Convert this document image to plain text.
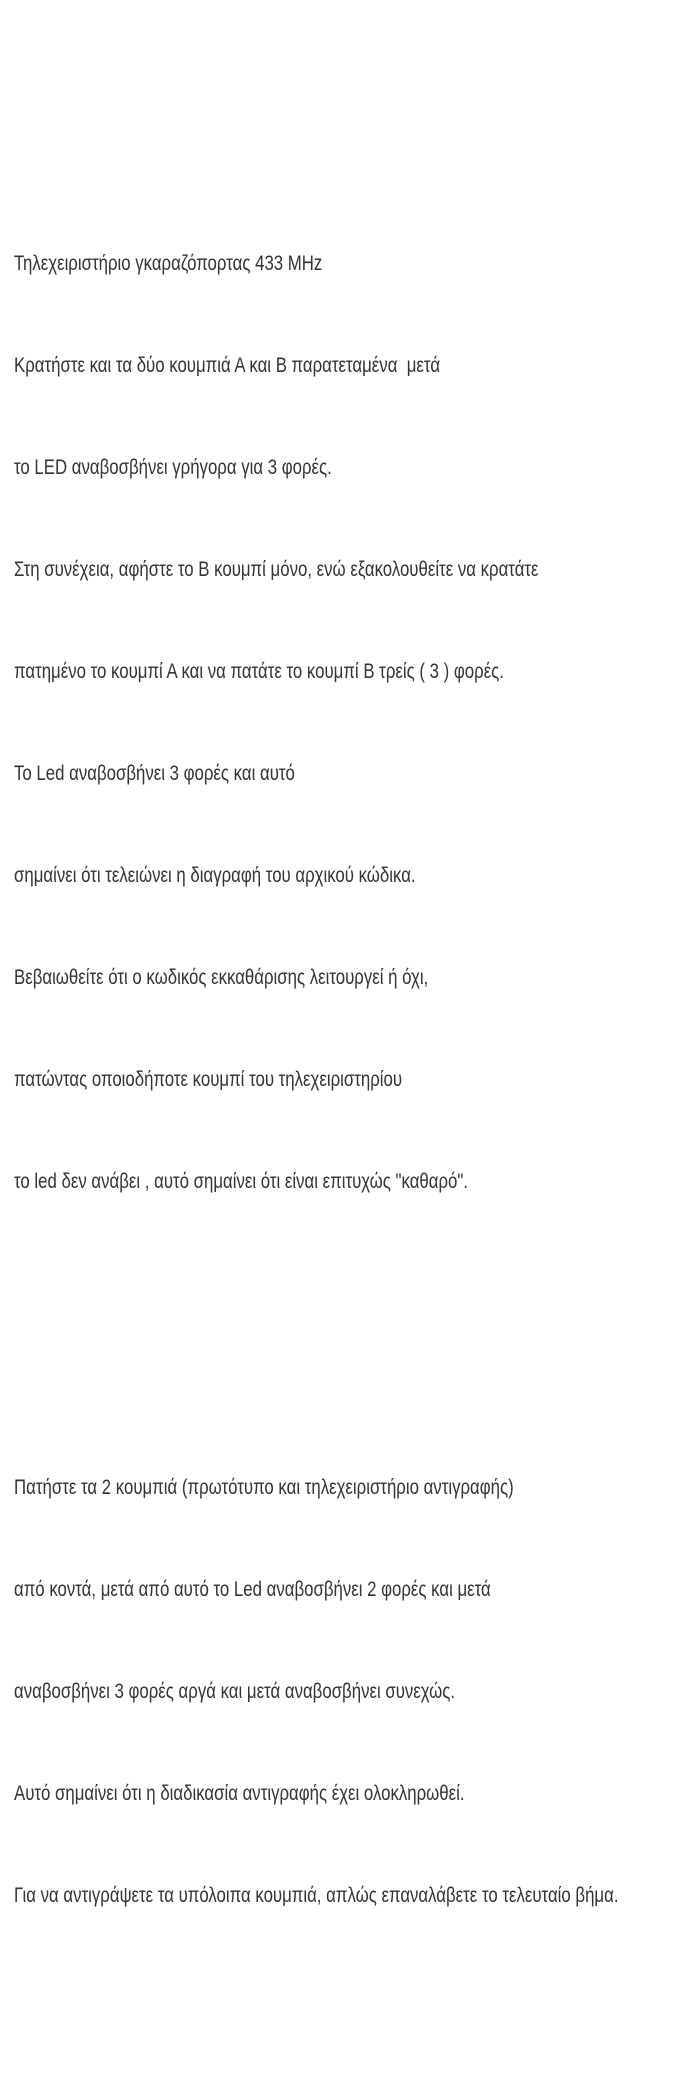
Τηλεχειριστήριο γκαραζόπορτας 433 MHz

Κρατήστε και τα δύο κουμπιά Α και Β παρατεταμένα  μετά

το LED αναβοσβήνει γρήγορα για 3 φορές.

Στη συνέχεια, αφήστε το Β κουμπί μόνο, ενώ εξακολουθείτε να κρατάτε

πατημένο το κουμπί Α και να πατάτε το κουμπί Β τρείς ( 3 ) φορές.

Το Led αναβοσβήνει 3 φορές και αυτό

σημαίνει ότι τελειώνει η διαγραφή του αρχικού κώδικα.

Βεβαιωθείτε ότι ο κωδικός εκκαθάρισης λειτουργεί ή όχι,

πατώντας οποιοδήποτε κουμπί του τηλεχειριστηρίου

το led δεν ανάβει , αυτό σημαίνει ότι είναι επιτυχώς "καθαρό".

Πατήστε τα 2 κουμπιά (πρωτότυπο και τηλεχειριστήριο αντιγραφής)

από κοντά, μετά από αυτό το Led αναβοσβήνει 2 φορές και μετά

αναβοσβήνει 3 φορές αργά και μετά αναβοσβήνει συνεχώς.

Αυτό σημαίνει ότι η διαδικασία αντιγραφής έχει ολοκληρωθεί.

Για να αντιγράψετε τα υπόλοιπα κουμπιά, απλώς επαναλάβετε το τελευταίο βήμα.
